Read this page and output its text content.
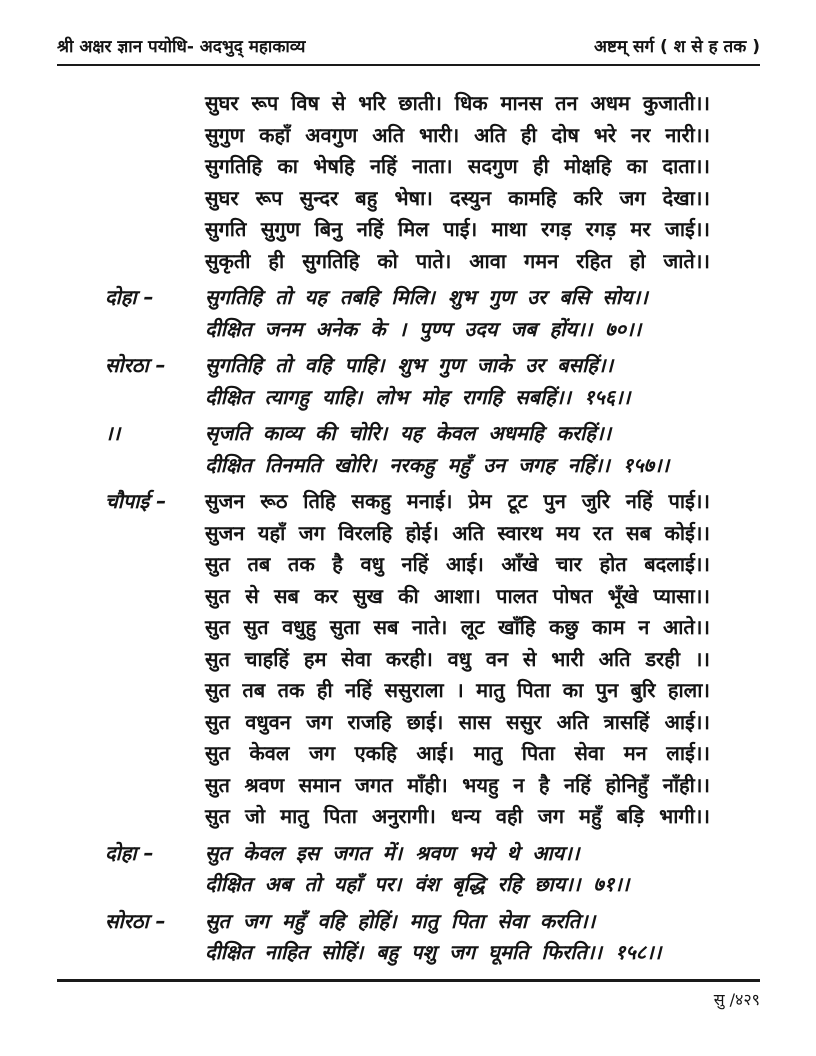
श्री अक्षर ज्ञान पयोधि- अदभुद् महाकाव्य	अष्टम् सर्ग ( श से ह तक )
सुघर रूप विष से भरि छाती। धिक मानस तन अधम कुजाती।।
सुगुण कहाँ अवगुण अति भारी। अति ही दोष भरे नर नारी।।
सुगतिहि का भेषहि नहिं नाता। सदगुण ही मोक्षहि का दाता।।
सुघर रूप सुन्दर बहु भेषा। दस्युन कामहि करि जग देखा।।
सुगति सुगुण बिनु नहिं मिल पाई। माथा रगड़ रगड़ मर जाई।।
सुकृती ही सुगतिहि को पाते। आवा गमन रहित हो जाते।।
दोहा –	सुगतिहि तो यह तबहि मिलि। शुभ गुण उर बसि सोय।।
दीक्षित जनम अनेक के । पुण्प उदय जब होंय।। ७०।।
सोरठा –	सुगतिहि तो वहि पाहि। शुभ गुण जाके उर बसहिं।।
दीक्षित त्यागहु याहि। लोभ मोह रागहि सबहिं।। १५६।।
।।	सृजति काव्य की चोरि। यह केवल अधमहि करहिं।।
दीक्षित तिनमति खोरि। नरकहु महुँ उन जगह नहिं।। १५७।।
चौपाई –	सुजन रूठ तिहि सकहु मनाई। प्रेम टूट पुन जुरि नहिं पाई।।
सुजन यहाँ जग विरलहि होई। अति स्वारथ मय रत सब कोई।।
सुत तब तक है वधु नहिं आई। आँखे चार होत बदलाई।।
सुत से सब कर सुख की आशा। पालत पोषत भूँखे प्यासा।।
सुत सुत वधुहु सुता सब नाते। लूट खाँहि कछु काम न आते।।
सुत चाहहिं हम सेवा करही। वधु वन से भारी अति डरही ।।
सुत तब तक ही नहिं ससुराला । मातु पिता का पुन बुरि हाला।
सुत वधुवन जग राजहि छाई। सास ससुर अति त्रासहिं आई।।
सुत केवल जग एकहि आई। मातु पिता सेवा मन लाई।।
सुत श्रवण समान जगत माँही। भयहु न है नहिं होनिहुँ नाँही।।
सुत जो मातु पिता अनुरागी। धन्य वही जग महुँ बड़ि भागी।।
दोहा –	सुत केवल इस जगत में। श्रवण भये थे आय।।
दीक्षित अब तो यहाँ पर। वंश बृद्धि रहि छाय।। ७१।।
सोरठा –	सुत जग महुँ वहि होहिं। मातु पिता सेवा करति।।
दीक्षित नाहित सोहिं। बहु पशु जग घूमति फिरति।। १५८।।
सु /४२९
